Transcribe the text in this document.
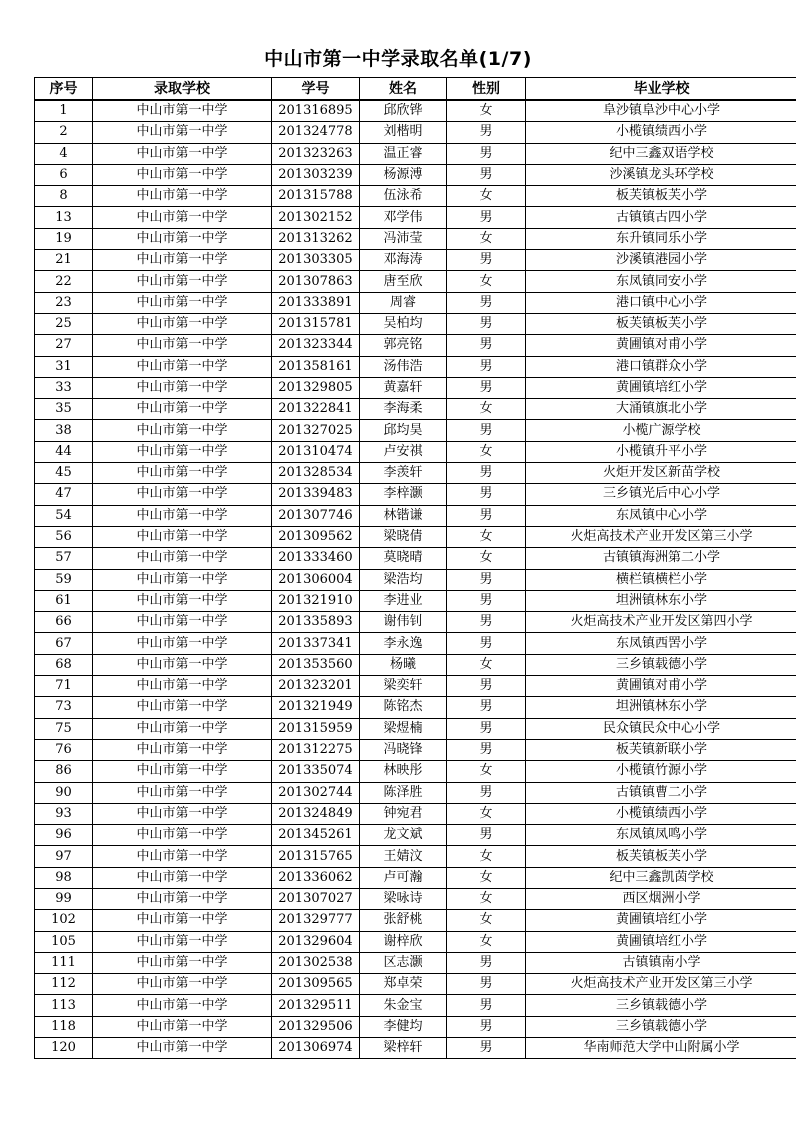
中山市第一中学录取名单(1/7)
序号	录取学校	学号	姓名	性别	毕业学校
1	中山市第一中学	201316895	邱欣铧	女	阜沙镇阜沙中心小学
2	中山市第一中学	201324778	刘楷明	男	小榄镇绩西小学
4	中山市第一中学	201323263	温正睿	男	纪中三鑫双语学校
6	中山市第一中学	201303239	杨源溥	男	沙溪镇龙头环学校
8	中山市第一中学	201315788	伍泳希	女	板芙镇板芙小学
13	中山市第一中学	201302152	邓学伟	男	古镇镇古四小学
19	中山市第一中学	201313262	冯沛莹	女	东升镇同乐小学
21	中山市第一中学	201303305	邓海涛	男	沙溪镇港园小学
22	中山市第一中学	201307863	唐至欣	女	东凤镇同安小学
23	中山市第一中学	201333891	周睿	男	港口镇中心小学
25	中山市第一中学	201315781	吴柏均	男	板芙镇板芙小学
27	中山市第一中学	201323344	郭亮铭	男	黄圃镇对甫小学
31	中山市第一中学	201358161	汤伟浩	男	港口镇群众小学
33	中山市第一中学	201329805	黄嘉轩	男	黄圃镇培红小学
35	中山市第一中学	201322841	李海柔	女	大涌镇旗北小学
38	中山市第一中学	201327025	邱均昊	男	小榄广源学校
44	中山市第一中学	201310474	卢安祺	女	小榄镇升平小学
45	中山市第一中学	201328534	李羡轩	男	火炬开发区新苗学校
47	中山市第一中学	201339483	李梓灏	男	三乡镇光后中心小学
54	中山市第一中学	201307746	林锴谦	男	东凤镇中心小学
56	中山市第一中学	201309562	梁晓倩	女	火炬高技术产业开发区第三小学
57	中山市第一中学	201333460	莫晓晴	女	古镇镇海洲第二小学
59	中山市第一中学	201306004	梁浩均	男	横栏镇横栏小学
61	中山市第一中学	201321910	李进业	男	坦洲镇林东小学
66	中山市第一中学	201335893	谢伟钊	男	火炬高技术产业开发区第四小学
67	中山市第一中学	201337341	李永逸	男	东凤镇西罟小学
68	中山市第一中学	201353560	杨曦	女	三乡镇载德小学
71	中山市第一中学	201323201	梁奕轩	男	黄圃镇对甫小学
73	中山市第一中学	201321949	陈铭杰	男	坦洲镇林东小学
75	中山市第一中学	201315959	梁煜楠	男	民众镇民众中心小学
76	中山市第一中学	201312275	冯晓锋	男	板芙镇新联小学
86	中山市第一中学	201335074	林映彤	女	小榄镇竹源小学
90	中山市第一中学	201302744	陈泽胜	男	古镇镇曹二小学
93	中山市第一中学	201324849	钟宛君	女	小榄镇绩西小学
96	中山市第一中学	201345261	龙文斌	男	东凤镇凤鸣小学
97	中山市第一中学	201315765	王婧汶	女	板芙镇板芙小学
98	中山市第一中学	201336062	卢可瀚	女	纪中三鑫凯茵学校
99	中山市第一中学	201307027	梁咏诗	女	西区烟洲小学
102	中山市第一中学	201329777	张舒桃	女	黄圃镇培红小学
105	中山市第一中学	201329604	谢梓欣	女	黄圃镇培红小学
111	中山市第一中学	201302538	区志灏	男	古镇镇南小学
112	中山市第一中学	201309565	郑卓荣	男	火炬高技术产业开发区第三小学
113	中山市第一中学	201329511	朱金宝	男	三乡镇载德小学
118	中山市第一中学	201329506	李健均	男	三乡镇载德小学
120	中山市第一中学	201306974	梁梓轩	男	华南师范大学中山附属小学
